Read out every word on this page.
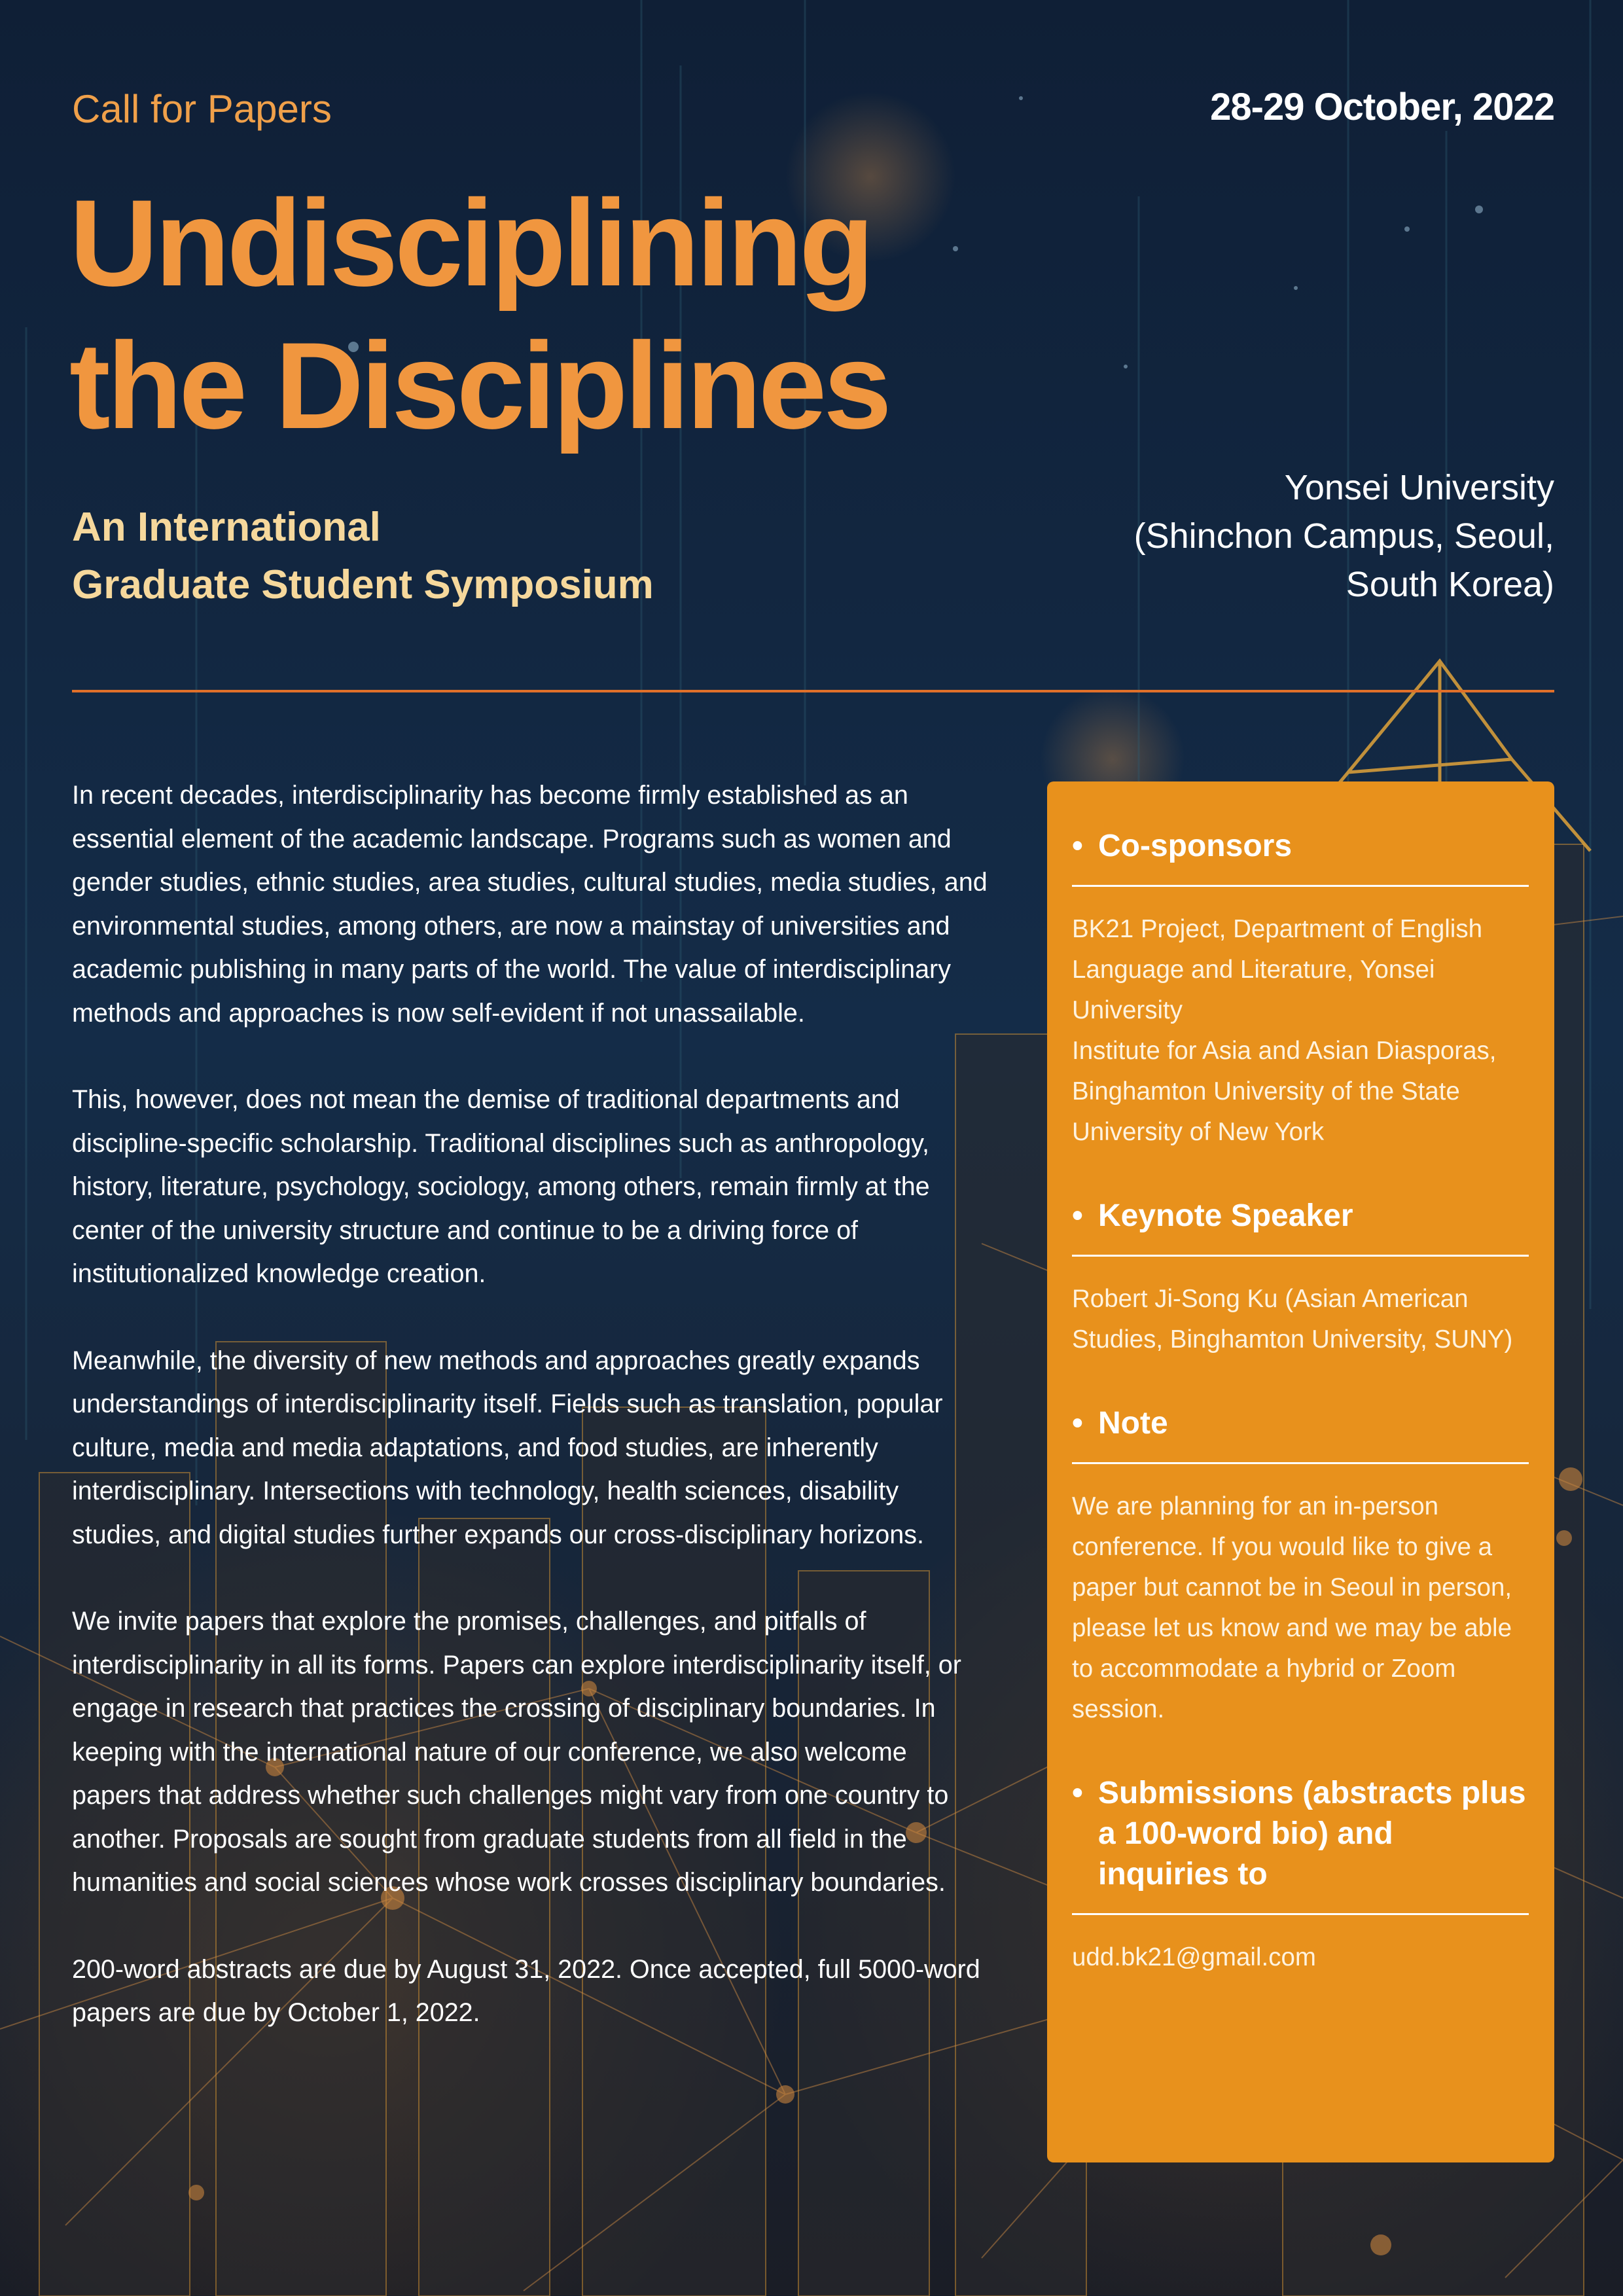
Call for Papers	28-29 October, 2022
Undisciplining
the Disciplines
An International
Graduate Student Symposium
Yonsei University
(Shinchon Campus, Seoul,
South Korea)

In recent decades, interdisciplinarity has become firmly established as an essential element of the academic landscape. Programs such as women and gender studies, ethnic studies, area studies, cultural studies, media studies, and environmental studies, among others, are now a mainstay of universities and academic publishing in many parts of the world. The value of interdisciplinary methods and approaches is now self-evident if not unassailable.

This, however, does not mean the demise of traditional departments and discipline-specific scholarship. Traditional disciplines such as anthropology, history, literature, psychology, sociology, among others, remain firmly at the center of the university structure and continue to be a driving force of institutionalized knowledge creation.

Meanwhile, the diversity of new methods and approaches greatly expands understandings of interdisciplinarity itself. Fields such as translation, popular culture, media and media adaptations, and food studies, are inherently interdisciplinary. Intersections with technology, health sciences, disability studies, and digital studies further expands our cross-disciplinary horizons.

We invite papers that explore the promises, challenges, and pitfalls of interdisciplinarity in all its forms. Papers can explore interdisciplinarity itself, or engage in research that practices the crossing of disciplinary boundaries. In keeping with the international nature of our conference, we also welcome papers that address whether such challenges might vary from one country to another. Proposals are sought from graduate students from all field in the humanities and social sciences whose work crosses disciplinary boundaries.

200-word abstracts are due by August 31, 2022. Once accepted, full 5000-word papers are due by October 1, 2022.

• Co-sponsors
BK21 Project, Department of English Language and Literature, Yonsei University
Institute for Asia and Asian Diasporas, Binghamton University of the State University of New York
• Keynote Speaker
Robert Ji-Song Ku (Asian American Studies, Binghamton University, SUNY)
• Note
We are planning for an in-person conference. If you would like to give a paper but cannot be in Seoul in person, please let us know and we may be able to accommodate a hybrid or Zoom session.
• Submissions (abstracts plus a 100-word bio) and inquiries to
udd.bk21@gmail.com
